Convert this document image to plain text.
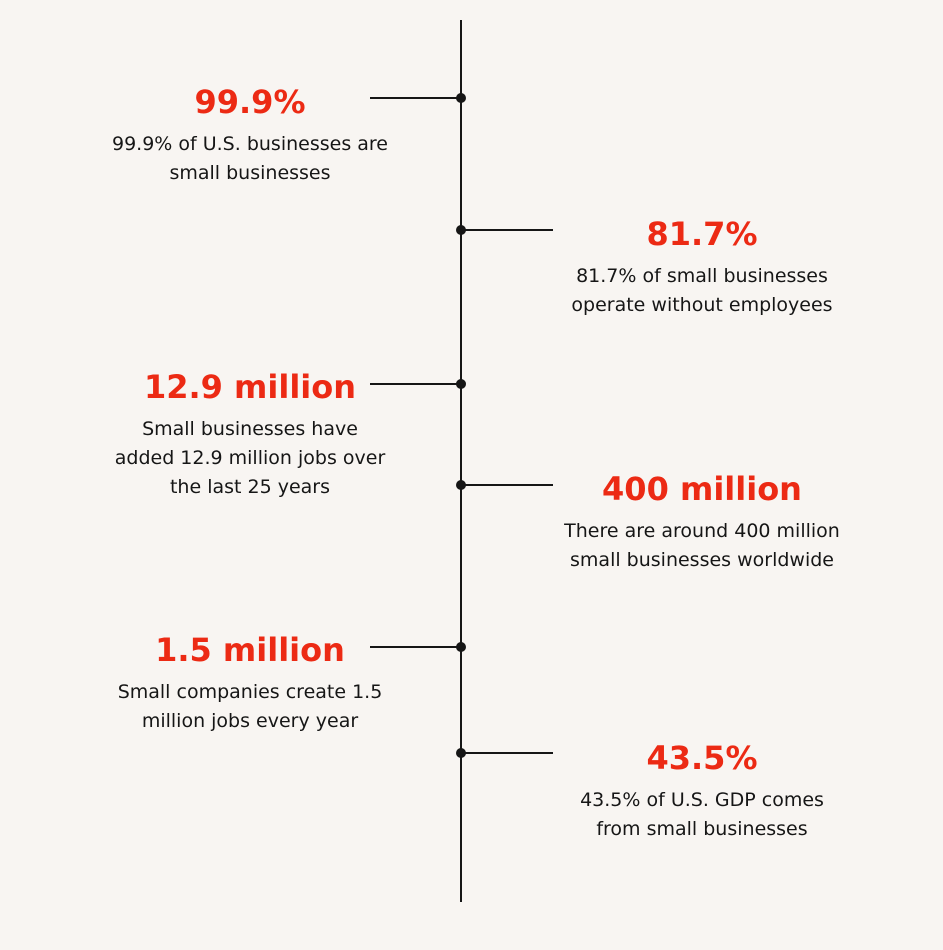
99.9%
99.9% of U.S. businesses are
small businesses
81.7%
81.7% of small businesses
operate without employees
12.9 million
Small businesses have
added 12.9 million jobs over
the last 25 years	400 million
There are around 400 million
small businesses worldwide
1.5 million
Small companies create 1.5
million jobs every year
43.5%
43.5% of U.S. GDP comes
from small businesses
